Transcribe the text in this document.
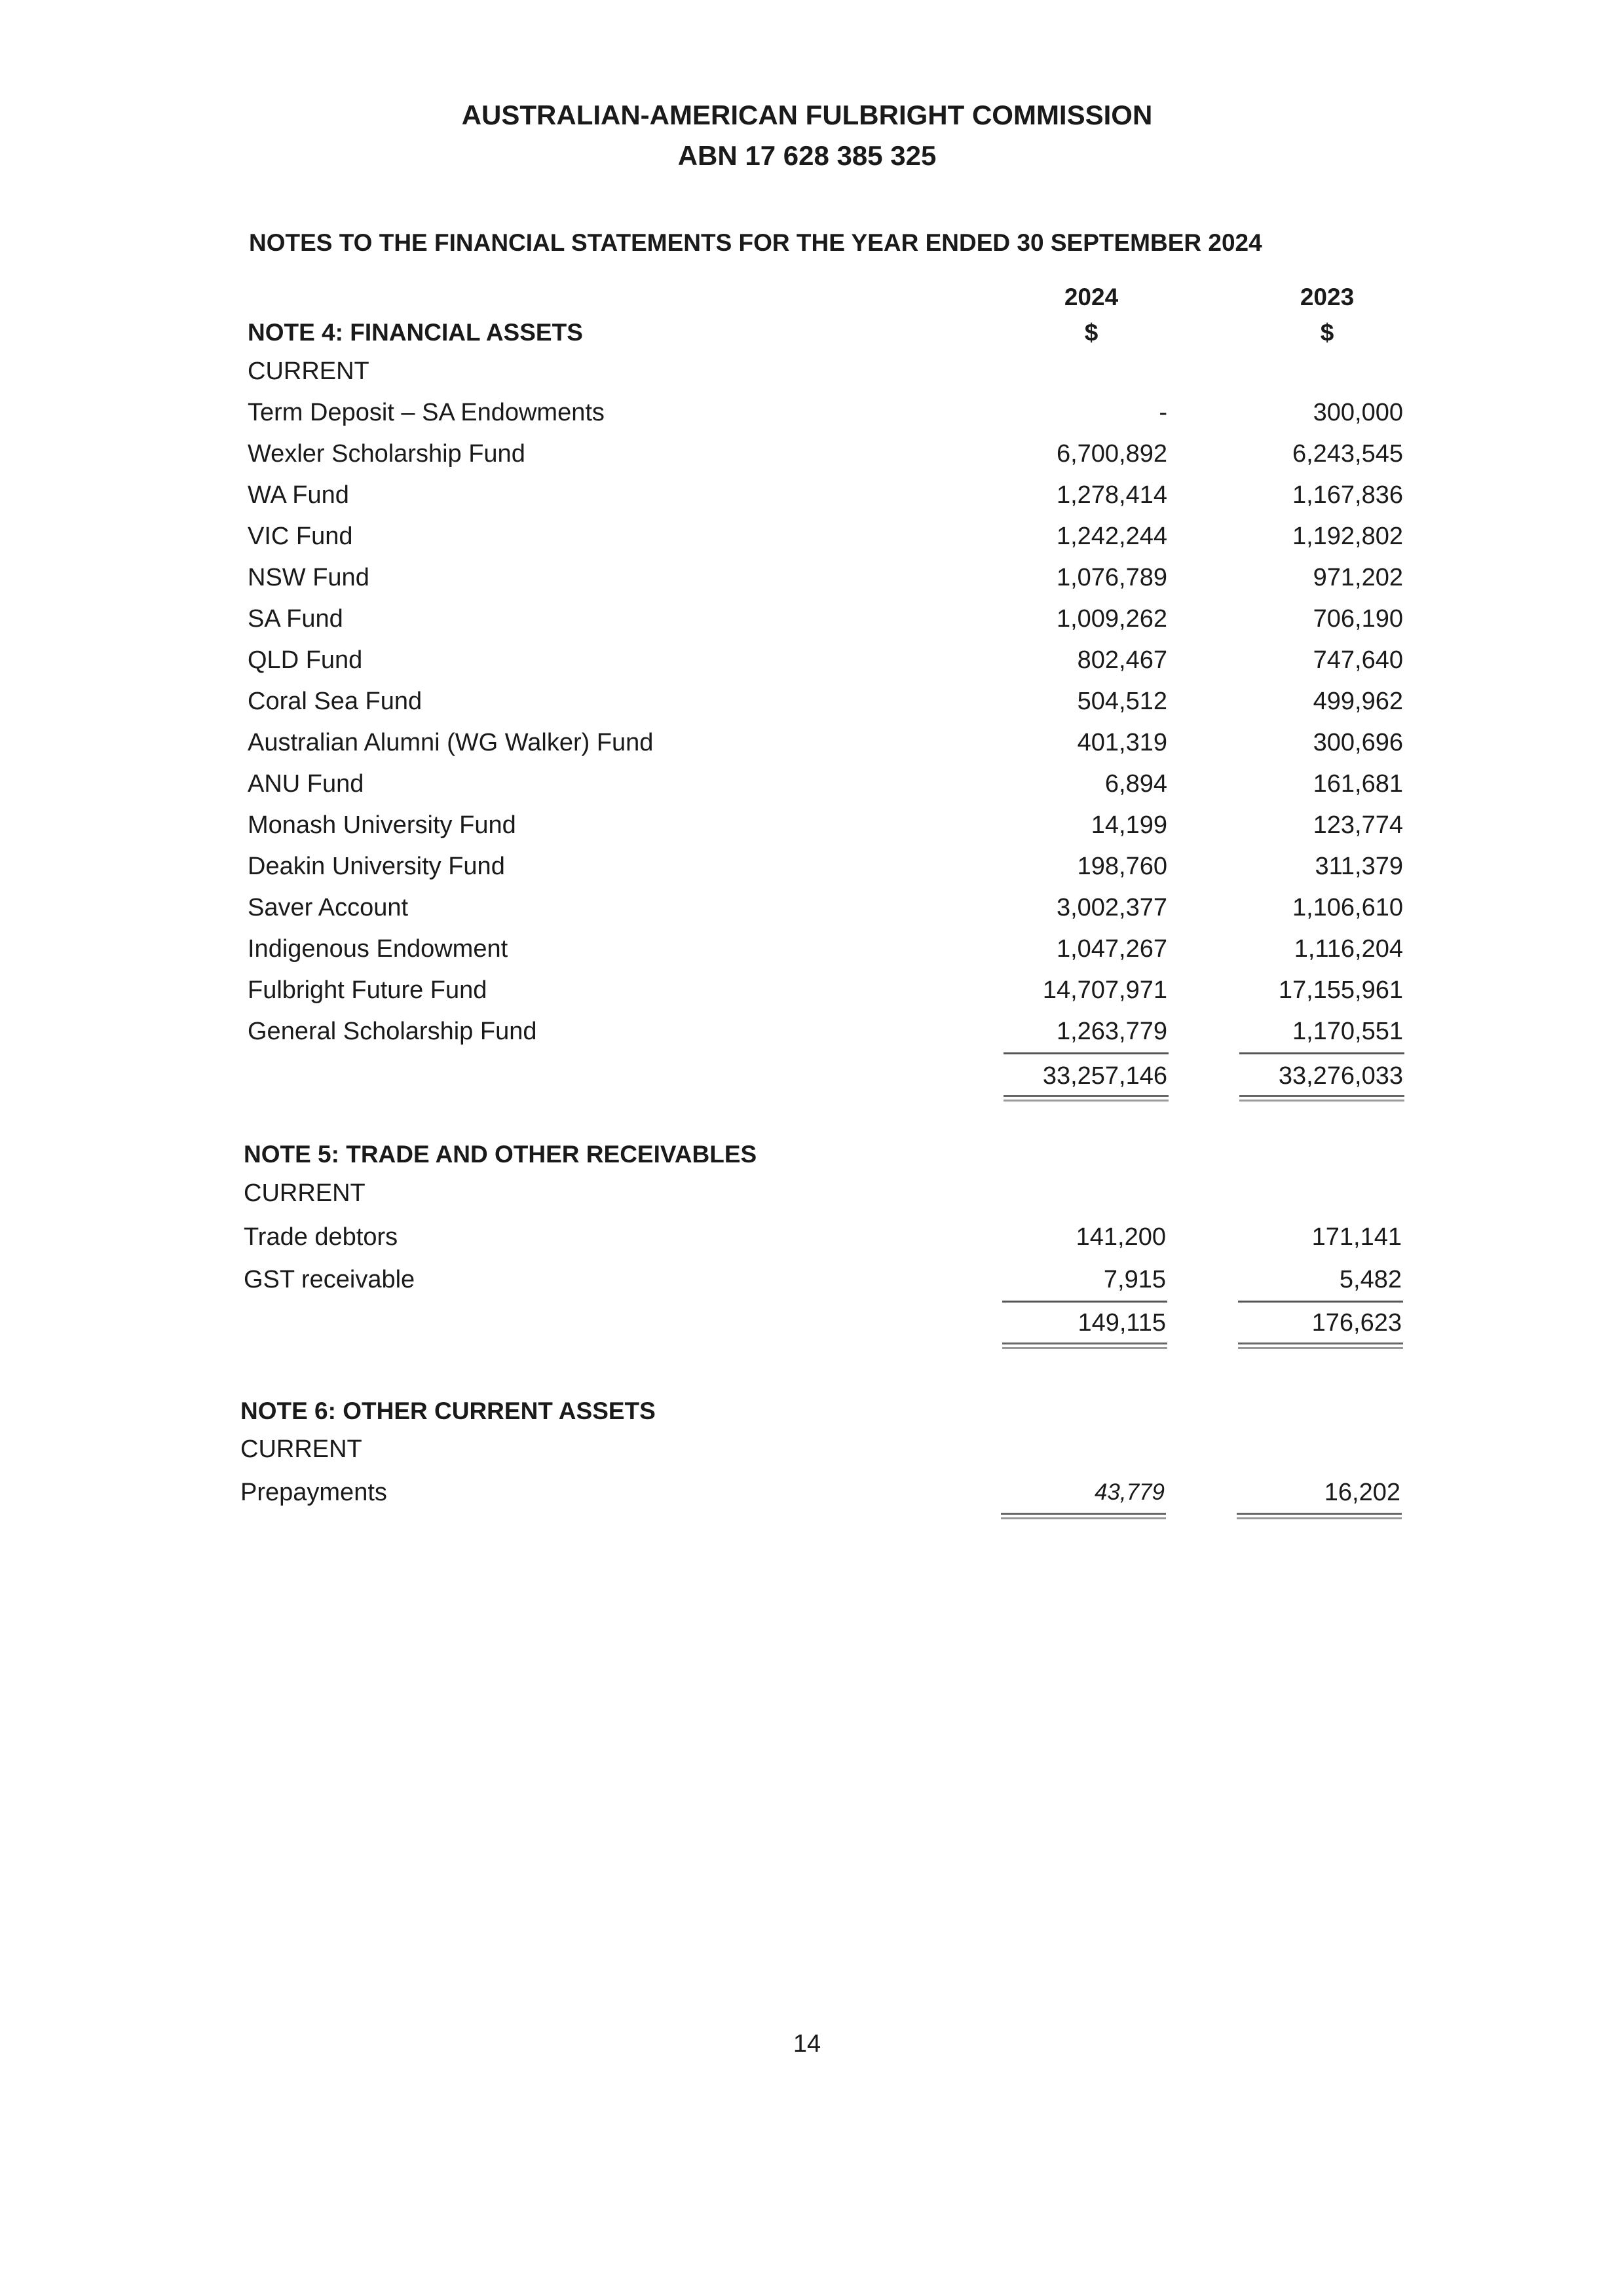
AUSTRALIAN-AMERICAN FULBRIGHT COMMISSION
ABN 17 628 385 325
NOTES TO THE FINANCIAL STATEMENTS FOR THE YEAR ENDED 30 SEPTEMBER 2024
2024	2023
$	$
NOTE 4: FINANCIAL ASSETS
CURRENT
Term Deposit – SA Endowments	-	300,000
Wexler Scholarship Fund	6,700,892	6,243,545
WA Fund	1,278,414	1,167,836
VIC Fund	1,242,244	1,192,802
NSW Fund	1,076,789	971,202
SA Fund	1,009,262	706,190
QLD Fund	802,467	747,640
Coral Sea Fund	504,512	499,962
Australian Alumni (WG Walker) Fund	401,319	300,696
ANU Fund	6,894	161,681
Monash University Fund	14,199	123,774
Deakin University Fund	198,760	311,379
Saver Account	3,002,377	1,106,610
Indigenous Endowment	1,047,267	1,116,204
Fulbright Future Fund	14,707,971	17,155,961
General Scholarship Fund	1,263,779	1,170,551
33,257,146	33,276,033
NOTE 5: TRADE AND OTHER RECEIVABLES
CURRENT
Trade debtors	141,200	171,141
GST receivable	7,915	5,482
149,115	176,623
NOTE 6: OTHER CURRENT ASSETS
CURRENT
Prepayments	43,779	16,202
14
